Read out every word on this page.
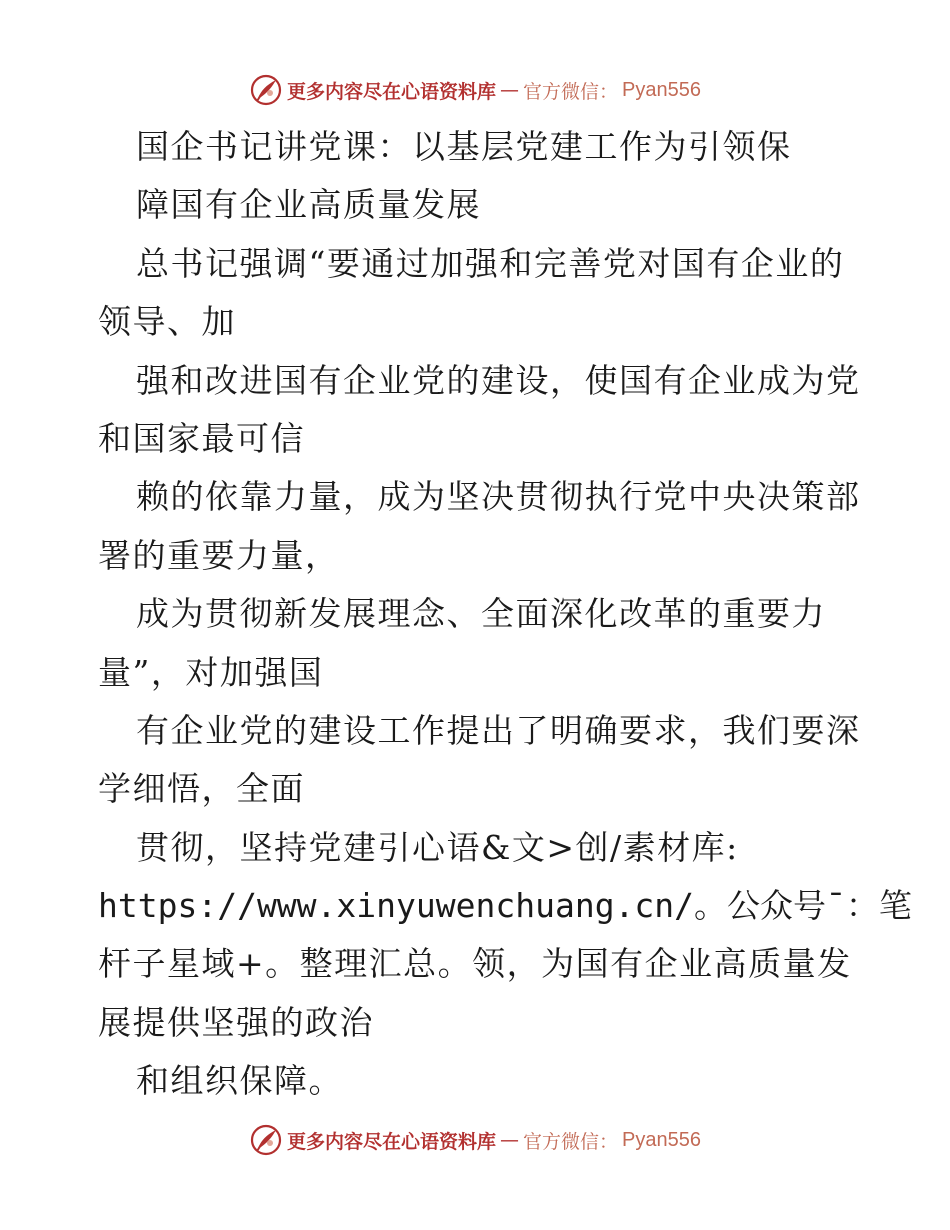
更多内容尽在心语资料库 — 官方微信： Pyan556
国企书记讲党课：以基层党建工作为引领保
障国有企业高质量发展
总书记强调“要通过加强和完善党对国有企业的
领导、加
强和改进国有企业党的建设，使国有企业成为党
和国家最可信
赖的依靠力量，成为坚决贯彻执行党中央决策部
署的重要力量，
成为贯彻新发展理念、全面深化改革的重要力
量”，对加强国
有企业党的建设工作提出了明确要求，我们要深
学细悟，全面
贯彻，坚持党建引心语&文>创/素材库:
https://www.xinyuwenchuang.cn/。公众号¯：笔
杆子星域+。整理汇总。领，为国有企业高质量发
展提供坚强的政治
和组织保障。
更多内容尽在心语资料库 — 官方微信： Pyan556
